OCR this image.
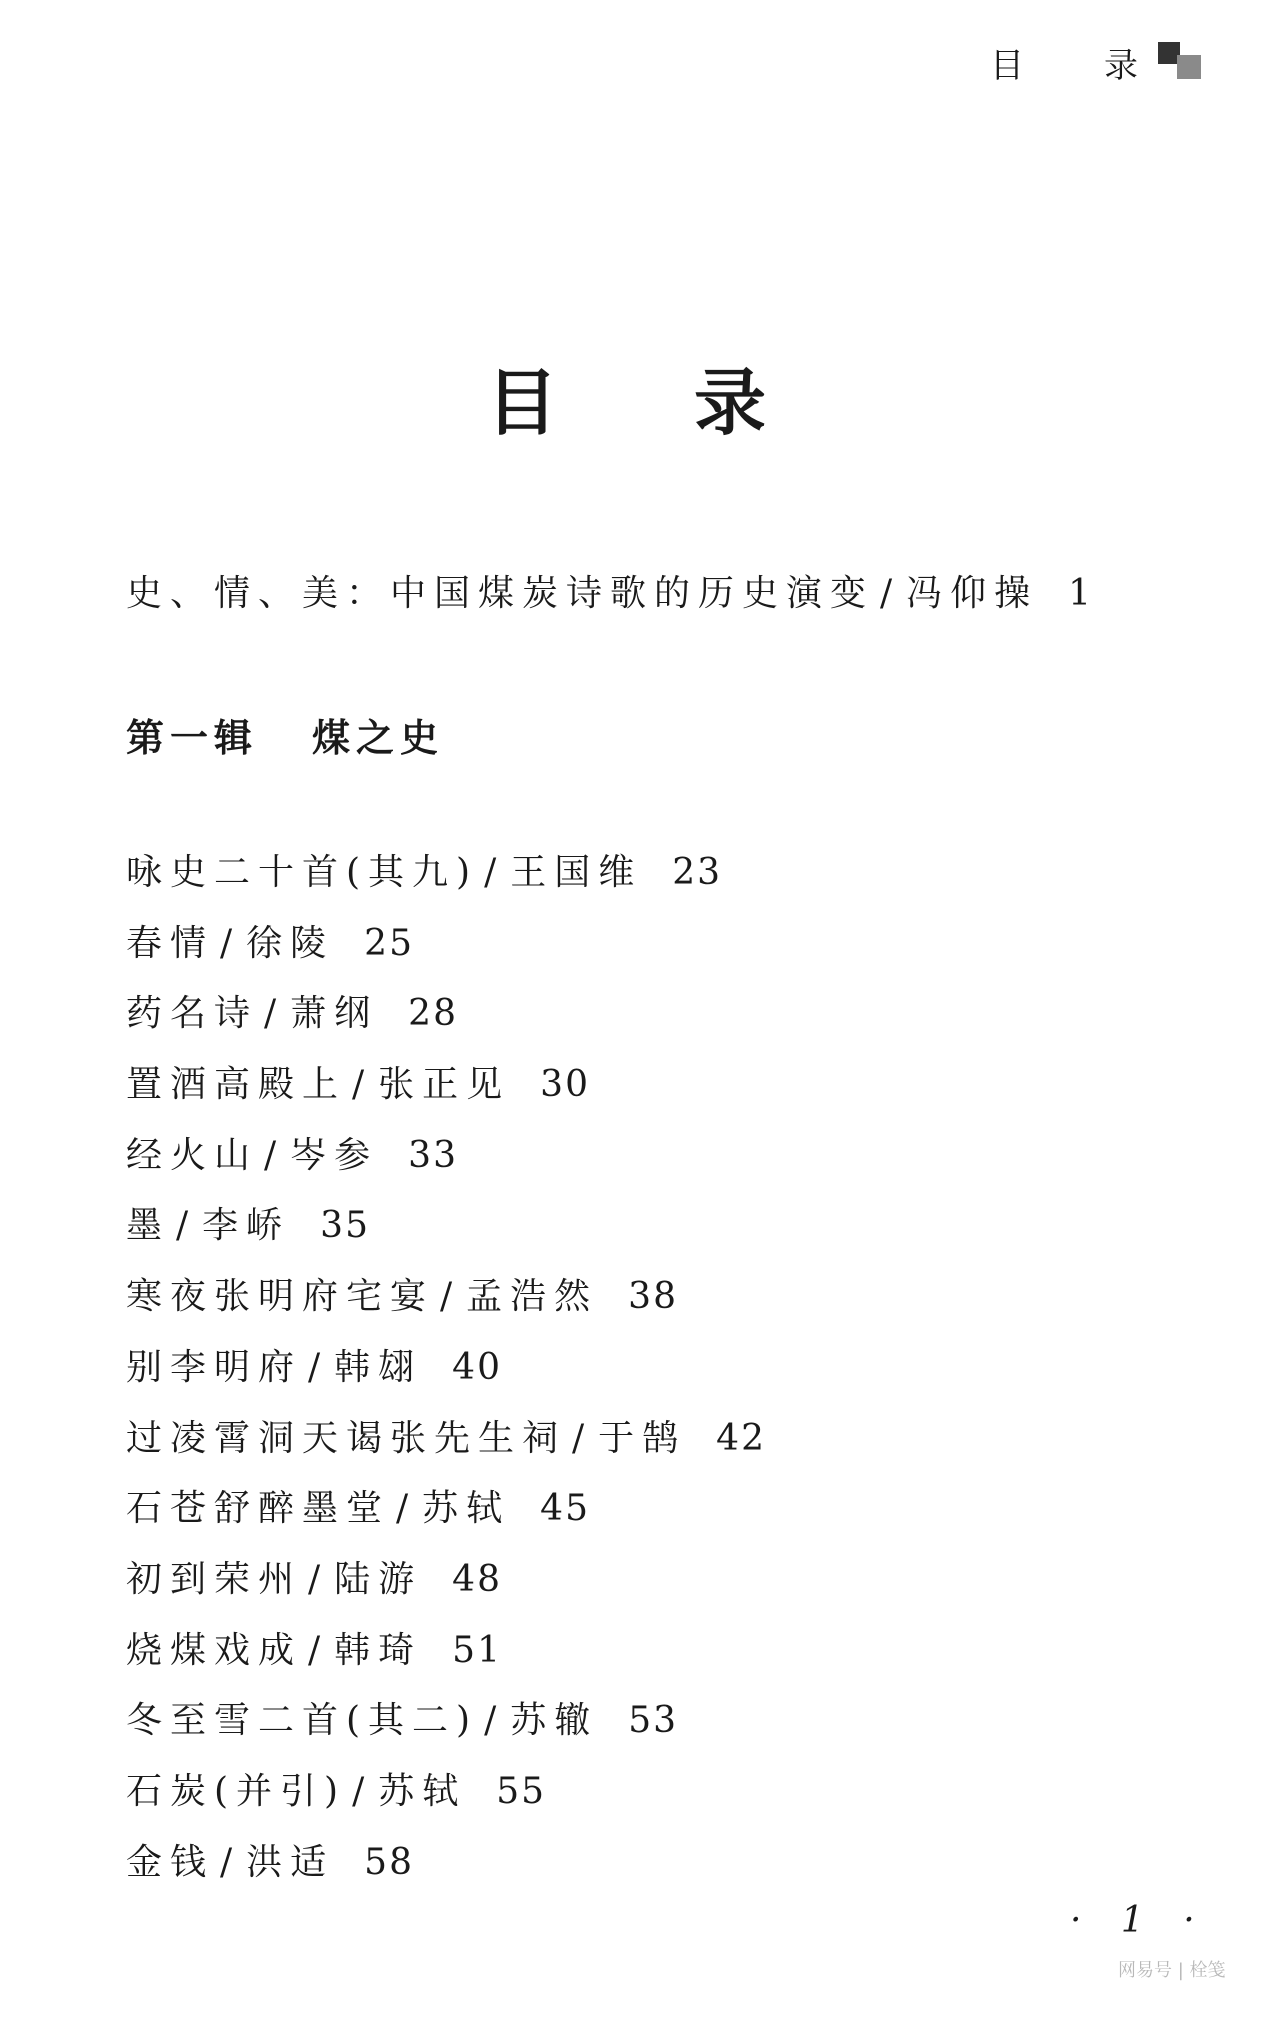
目 录
目 录
史、情、美：中国煤炭诗歌的历史演变 / 冯仰操 1
第一辑 煤之史
咏史二十首(其九) / 王国维 23
春情 / 徐陵 25
药名诗 / 萧纲 28
置酒高殿上 / 张正见 30
经火山 / 岑参 33
墨 / 李峤 35
寒夜张明府宅宴 / 孟浩然 38
别李明府 / 韩翃 40
过凌霄洞天谒张先生祠 / 于鹄 42
石苍舒醉墨堂 / 苏轼 45
初到荣州 / 陆游 48
烧煤戏成 / 韩琦 51
冬至雪二首(其二) / 苏辙 53
石炭(并引) / 苏轼 55
金钱 / 洪适 58
· 1 ·
网易号 | 栓笺
